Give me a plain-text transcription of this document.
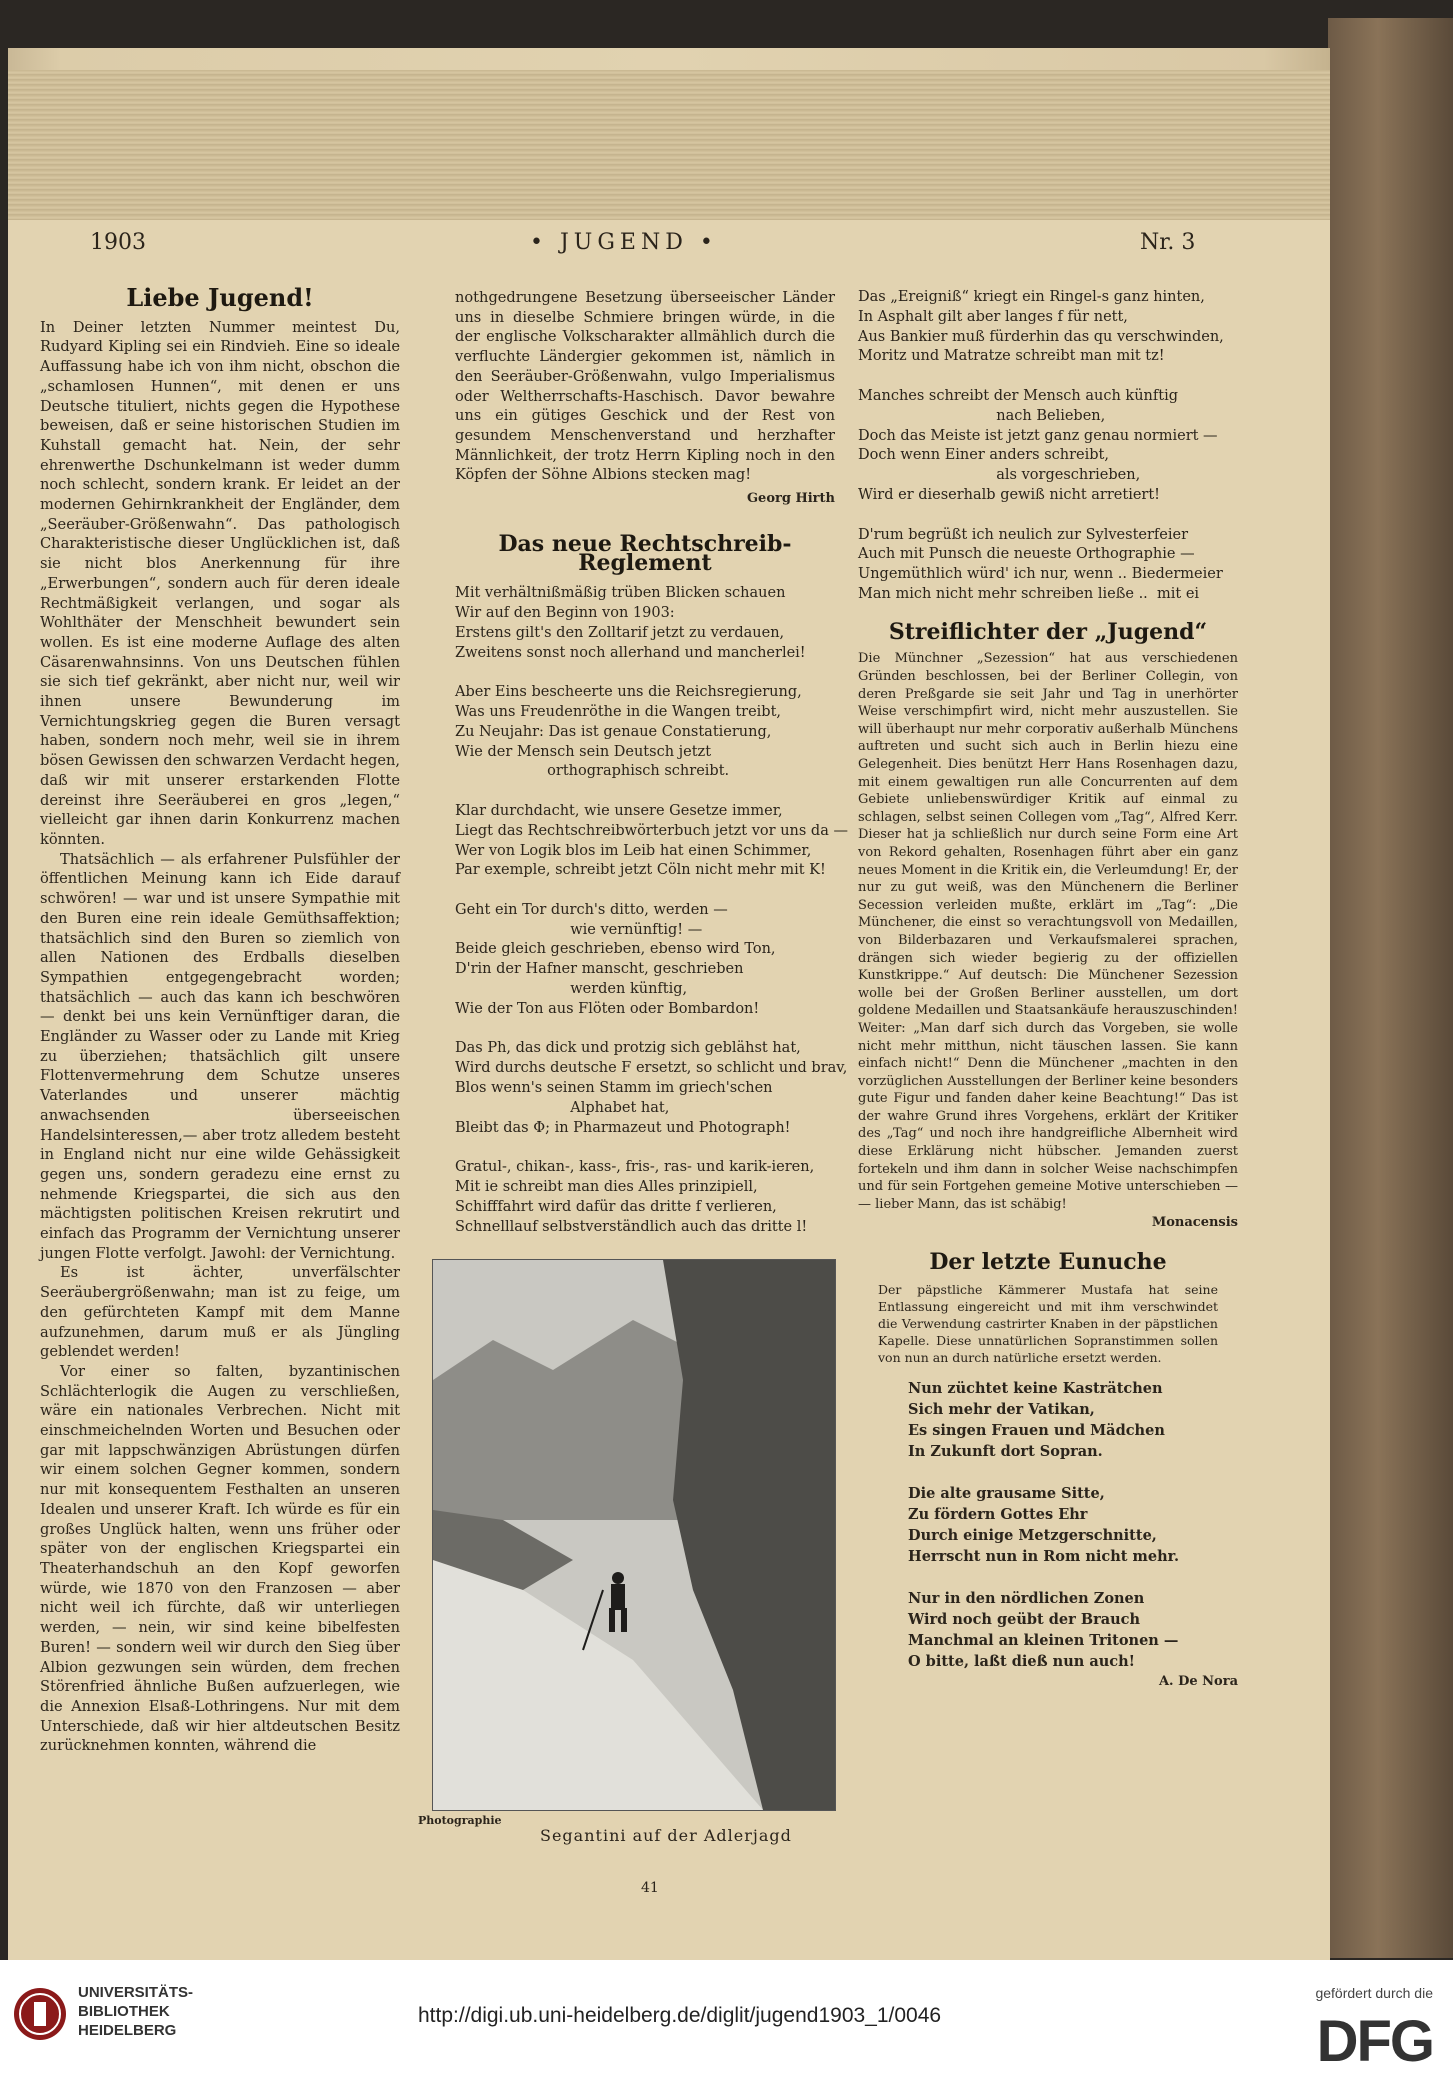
1903	• JUGEND •	Nr. 3
Liebe Jugend!

In Deiner letzten Nummer meintest Du, Rudyard Kipling sei ein Rindvieh. Eine so ideale Auffassung habe ich von ihm nicht, obschon die „schamlosen Hunnen“, mit denen er uns Deutsche tituliert, nichts gegen die Hypothese beweisen, daß er seine historischen Studien im Kuhstall gemacht hat. Nein, der sehr ehrenwerthe Dschunkelmann ist weder dumm noch schlecht, sondern krank. Er leidet an der modernen Gehirnkrankheit der Engländer, dem „Seeräuber-Größenwahn“. Das pathologisch Charakteristische dieser Unglücklichen ist, daß sie nicht blos Anerkennung für ihre „Erwerbungen“, sondern auch für deren ideale Rechtmäßigkeit verlangen, und sogar als Wohlthäter der Menschheit bewundert sein wollen. Es ist eine moderne Auflage des alten Cäsarenwahnsinns. Von uns Deutschen fühlen sie sich tief gekränkt, aber nicht nur, weil wir ihnen unsere Bewunderung im Vernichtungskrieg gegen die Buren versagt haben, sondern noch mehr, weil sie in ihrem bösen Gewissen den schwarzen Verdacht hegen, daß wir mit unserer erstarkenden Flotte dereinst ihre Seeräuberei en gros „legen,“ vielleicht gar ihnen darin Konkurrenz machen könnten.

Thatsächlich — als erfahrener Pulsfühler der öffentlichen Meinung kann ich Eide darauf schwören! — war und ist unsere Sympathie mit den Buren eine rein ideale Gemüthsaffektion; thatsächlich sind den Buren so ziemlich von allen Nationen des Erdballs dieselben Sympathien entgegengebracht worden; thatsächlich — auch das kann ich beschwören — denkt bei uns kein Vernünftiger daran, die Engländer zu Wasser oder zu Lande mit Krieg zu überziehen; thatsächlich gilt unsere Flottenvermehrung dem Schutze unseres Vaterlandes und unserer mächtig anwachsenden überseeischen Handelsinteressen,— aber trotz alledem besteht in England nicht nur eine wilde Gehässigkeit gegen uns, sondern geradezu eine ernst zu nehmende Kriegspartei, die sich aus den mächtigsten politischen Kreisen rekrutirt und einfach das Programm der Vernichtung unserer jungen Flotte verfolgt. Jawohl: der Vernichtung.

Es ist ächter, unverfälschter Seeräubergrößenwahn; man ist zu feige, um den gefürchteten Kampf mit dem Manne aufzunehmen, darum muß er als Jüngling geblendet werden!

Vor einer so falten, byzantinischen Schlächterlogik die Augen zu verschließen, wäre ein nationales Verbrechen. Nicht mit einschmeichelnden Worten und Besuchen oder gar mit lappschwänzigen Abrüstungen dürfen wir einem solchen Gegner kommen, sondern nur mit konsequentem Festhalten an unseren Idealen und unserer Kraft. Ich würde es für ein großes Unglück halten, wenn uns früher oder später von der englischen Kriegspartei ein Theaterhandschuh an den Kopf geworfen würde, wie 1870 von den Franzosen — aber nicht weil ich fürchte, daß wir unterliegen werden, — nein, wir sind keine bibelfesten Buren! — sondern weil wir durch den Sieg über Albion gezwungen sein würden, dem frechen Störenfried ähnliche Bußen aufzuerlegen, wie die Annexion Elsaß-Lothringens. Nur mit dem Unterschiede, daß wir hier altdeutschen Besitz zurücknehmen konnten, während die

nothgedrungene Besetzung überseeischer Länder uns in dieselbe Schmiere bringen würde, in die der englische Volkscharakter allmählich durch die verfluchte Ländergier gekommen ist, nämlich in den Seeräuber-Größenwahn, vulgo Imperialismus oder Weltherrschafts-Haschisch. Davor bewahre uns ein gütiges Geschick und der Rest von gesundem Menschenverstand und herzhafter Männlichkeit, der trotz Herrn Kipling noch in den Köpfen der Söhne Albions stecken mag!

Georg Hirth
Das neue Rechtschreib-Reglement
Mit verhältnißmäßig trüben Blicken schauen
Wir auf den Beginn von 1903:
Erstens gilt's den Zolltarif jetzt zu verdauen,
Zweitens sonst noch allerhand und mancherlei!

Aber Eins bescheerte uns die Reichsregierung,
Was uns Freudenröthe in die Wangen treibt,
Zu Neujahr: Das ist genaue Constatierung,
Wie der Mensch sein Deutsch jetzt
orthographisch schreibt.

Klar durchdacht, wie unsere Gesetze immer,
Liegt das Rechtschreibwörterbuch jetzt vor uns da
Wer von Logik blos im Leib hat einen Schimmer,
Par exemple, schreibt jetzt Cöln nicht mehr mit K!

Geht ein Tor durch's ditto, werden —
wie vernünftig! —
Beide gleich geschrieben, ebenso wird Ton,
D'rin der Hafner manscht, geschrieben
werden künftig,
Wie der Ton aus Flöten oder Bombardon!

Das Ph, das dick und protzig sich geblähst hat,
Wird durchs deutsche F ersetzt, so schlicht und brav,
Blos wenn's seinen Stamm im griech'schen
Alphabet hat,
Bleibt das Φ; in Pharmazeut und Photograph!

Gratul-, chikan-, kass-, fris-, ras- und karik-ieren,
Mit ie schreibt man dies Alles prinzipiell,
Schifffahrt wird dafür das dritte f verlieren,
Schnelllauf selbstverständlich auch das dritte l!
Das „Ereigniß“ kriegt ein Ringel-s ganz hinten,
In Asphalt gilt aber langes f für nett,
Aus Bankier muß fürderhin das qu verschwinden,
Moritz und Matratze schreibt man mit tz!

Manches schreibt der Mensch auch künftig
nach Belieben,
Doch das Meiste ist jetzt ganz genau normiert —
Doch wenn Einer anders schreibt,
als vorgeschrieben,
Wird er dieserhalb gewiß nicht arretiert!

D'rum begrüßt ich neulich zur Sylvesterfeier
Auch mit Punsch die neueste Orthographie —
Ungemüthlich würd' ich nur, wenn .. Biedermeier
Man mich nicht mehr schreiben ließe ..  mit ei
Streiflichter der „Jugend“

Die Münchner „Sezession“ hat aus verschiedenen Gründen beschlossen, bei der Berliner Collegin, von deren Preßgarde sie seit Jahr und Tag in unerhörter Weise verschimpfirt wird, nicht mehr auszustellen. Sie will überhaupt nur mehr corporativ außerhalb Münchens auftreten und sucht sich auch in Berlin hiezu eine Gelegenheit. Dies benützt Herr Hans Rosenhagen dazu, mit einem gewaltigen run alle Concurrenten auf dem Gebiete unliebenswürdiger Kritik auf einmal zu schlagen, selbst seinen Collegen vom „Tag“, Alfred Kerr. Dieser hat ja schließlich nur durch seine Form eine Art von Rekord gehalten, Rosenhagen führt aber ein ganz neues Moment in die Kritik ein, die Verleumdung! Er, der nur zu gut weiß, was den Münchenern die Berliner Secession verleiden mußte, erklärt im „Tag“: „Die Münchener, die einst so verachtungsvoll von Medaillen, von Bilderbazaren und Verkaufsmalerei sprachen, drängen sich wieder begierig zu der offiziellen Kunstkrippe.“ Auf deutsch: Die Münchener Sezession wolle bei der Großen Berliner ausstellen, um dort goldene Medaillen und Staatsankäufe herauszuschinden! Weiter: „Man darf sich durch das Vorgeben, sie wolle nicht mehr mitthun, nicht täuschen lassen. Sie kann einfach nicht!“ Denn die Münchener „machten in den vorzüglichen Ausstellungen der Berliner keine besonders gute Figur und fanden daher keine Beachtung!“ Das ist der wahre Grund ihres Vorgehens, erklärt der Kritiker des „Tag“ und noch ihre handgreifliche Albernheit wird diese Erklärung nicht hübscher. Jemanden zuerst fortekeln und ihm dann in solcher Weise nachschimpfen und für sein Fortgehen gemeine Motive unterschieben — — lieber Mann, das ist schäbig!

Monacensis
Der letzte Eunuche

Der päpstliche Kämmerer Mustafa hat seine Entlassung eingereicht und mit ihm verschwindet die Verwendung castrirter Knaben in der päpstlichen Kapelle. Diese unnatürlichen Sopranstimmen sollen von nun an durch natürliche ersetzt werden.

Nun züchtet keine Kasträtchen
Sich mehr der Vatikan,
Es singen Frauen und Mädchen
In Zukunft dort Sopran.

Die alte grausame Sitte,
Zu fördern Gottes Ehr
Durch einige Metzgerschnitte,
Herrscht nun in Rom nicht mehr.

Nur in den nördlichen Zonen
Wird noch geübt der Brauch
Manchmal an kleinen Tritonen —
O bitte, laßt dieß nun auch!
A. De Nora
Photographie
Segantini auf der Adlerjagd
41
UNIVERSITÄTS-
BIBLIOTHEK
HEIDELBERG
http://digi.ub.uni-heidelberg.de/diglit/jugend1903_1/0046
gefördert durch die
DFG
